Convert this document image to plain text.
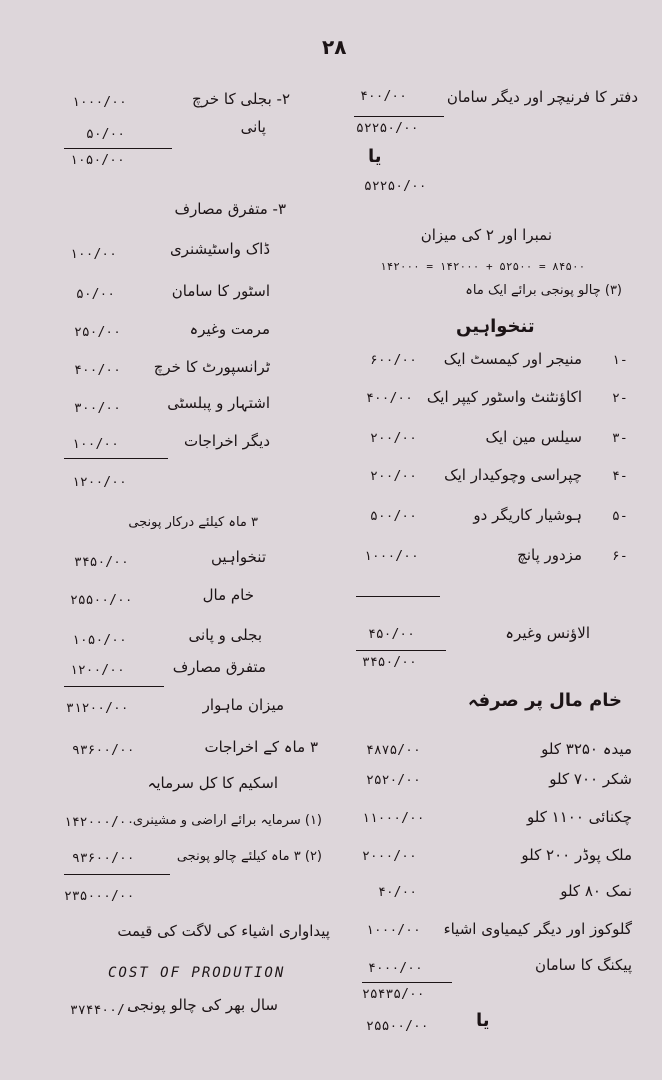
۲۸
دفتر کا فرنیچر اور دیگر سامان
۴۰۰/۰۰
۵۲۲۵۰/۰۰
یا
۵۲۲۵۰/۰۰
نمبرا اور ۲ کی میزان
۱۴۲۰۰۰ = ۱۴۲۰۰۰ + ۵۲۵۰۰ = ۸۴۵۰۰
(۳) چالو پونجی برائے ایک ماہ
تنخواہیں
۱-
منیجر اور کیمسٹ ایک
۶۰۰/۰۰
۲-
اکاؤنٹنٹ واسٹور کیپر ایک
۴۰۰/۰۰
۳-
سیلس مین ایک
۲۰۰/۰۰
۴-
چپراسی وچوکیدار ایک
۲۰۰/۰۰
۵-
ہوشیار کاریگر دو
۵۰۰/۰۰
۶-
مزدور پانچ
۱۰۰۰/۰۰
الاؤنس وغیرہ
۴۵۰/۰۰
۳۴۵۰/۰۰
خام مال پر صرفہ
میدہ ۳۲۵۰ کلو
۴۸۷۵/۰۰
شکر ۷۰۰ کلو
۲۵۲۰/۰۰
چکنائی ۱۱۰۰ کلو
۱۱۰۰۰/۰۰
ملک پوڈر ۲۰۰ کلو
۲۰۰۰/۰۰
نمک ۸۰ کلو
۴۰/۰۰
گلوکوز اور دیگر کیمیاوی اشیاء
۱۰۰۰/۰۰
پیکنگ کا سامان
۴۰۰۰/۰۰
۲۵۴۳۵/۰۰
یا
۲۵۵۰۰/۰۰
۲- بجلی کا خرچ
۱۰۰۰/۰۰
پانی
۵۰/۰۰
۱۰۵۰/۰۰
۳- متفرق مصارف
ڈاک واسٹیشنری
۱۰۰/۰۰
اسٹور کا سامان
۵۰/۰۰
مرمت وغیرہ
۲۵۰/۰۰
ٹرانسپورٹ کا خرچ
۴۰۰/۰۰
اشتہار و پبلسٹی
۳۰۰/۰۰
دیگر اخراجات
۱۰۰/۰۰
۱۲۰۰/۰۰
۳ ماہ کیلئے درکار پونجی
تنخواہیں
۳۴۵۰/۰۰
خام مال
۲۵۵۰۰/۰۰
بجلی و پانی
۱۰۵۰/۰۰
متفرق مصارف
۱۲۰۰/۰۰
میزان ماہوار
۳۱۲۰۰/۰۰
۳ ماہ کے اخراجات
۹۳۶۰۰/۰۰
اسکیم کا کل سرمایہ
(۱) سرمایہ برائے اراضی و مشینری
۱۴۲۰۰۰/۰۰
(۲) ۳ ماہ کیلئے چالو پونجی
۹۳۶۰۰/۰۰
۲۳۵۰۰۰/۰۰
پیداواری اشیاء کی لاگت کی قیمت
COST OF PRODUTION
سال بھر کی چالو پونجی
۳۷۴۴۰۰/۰۰
